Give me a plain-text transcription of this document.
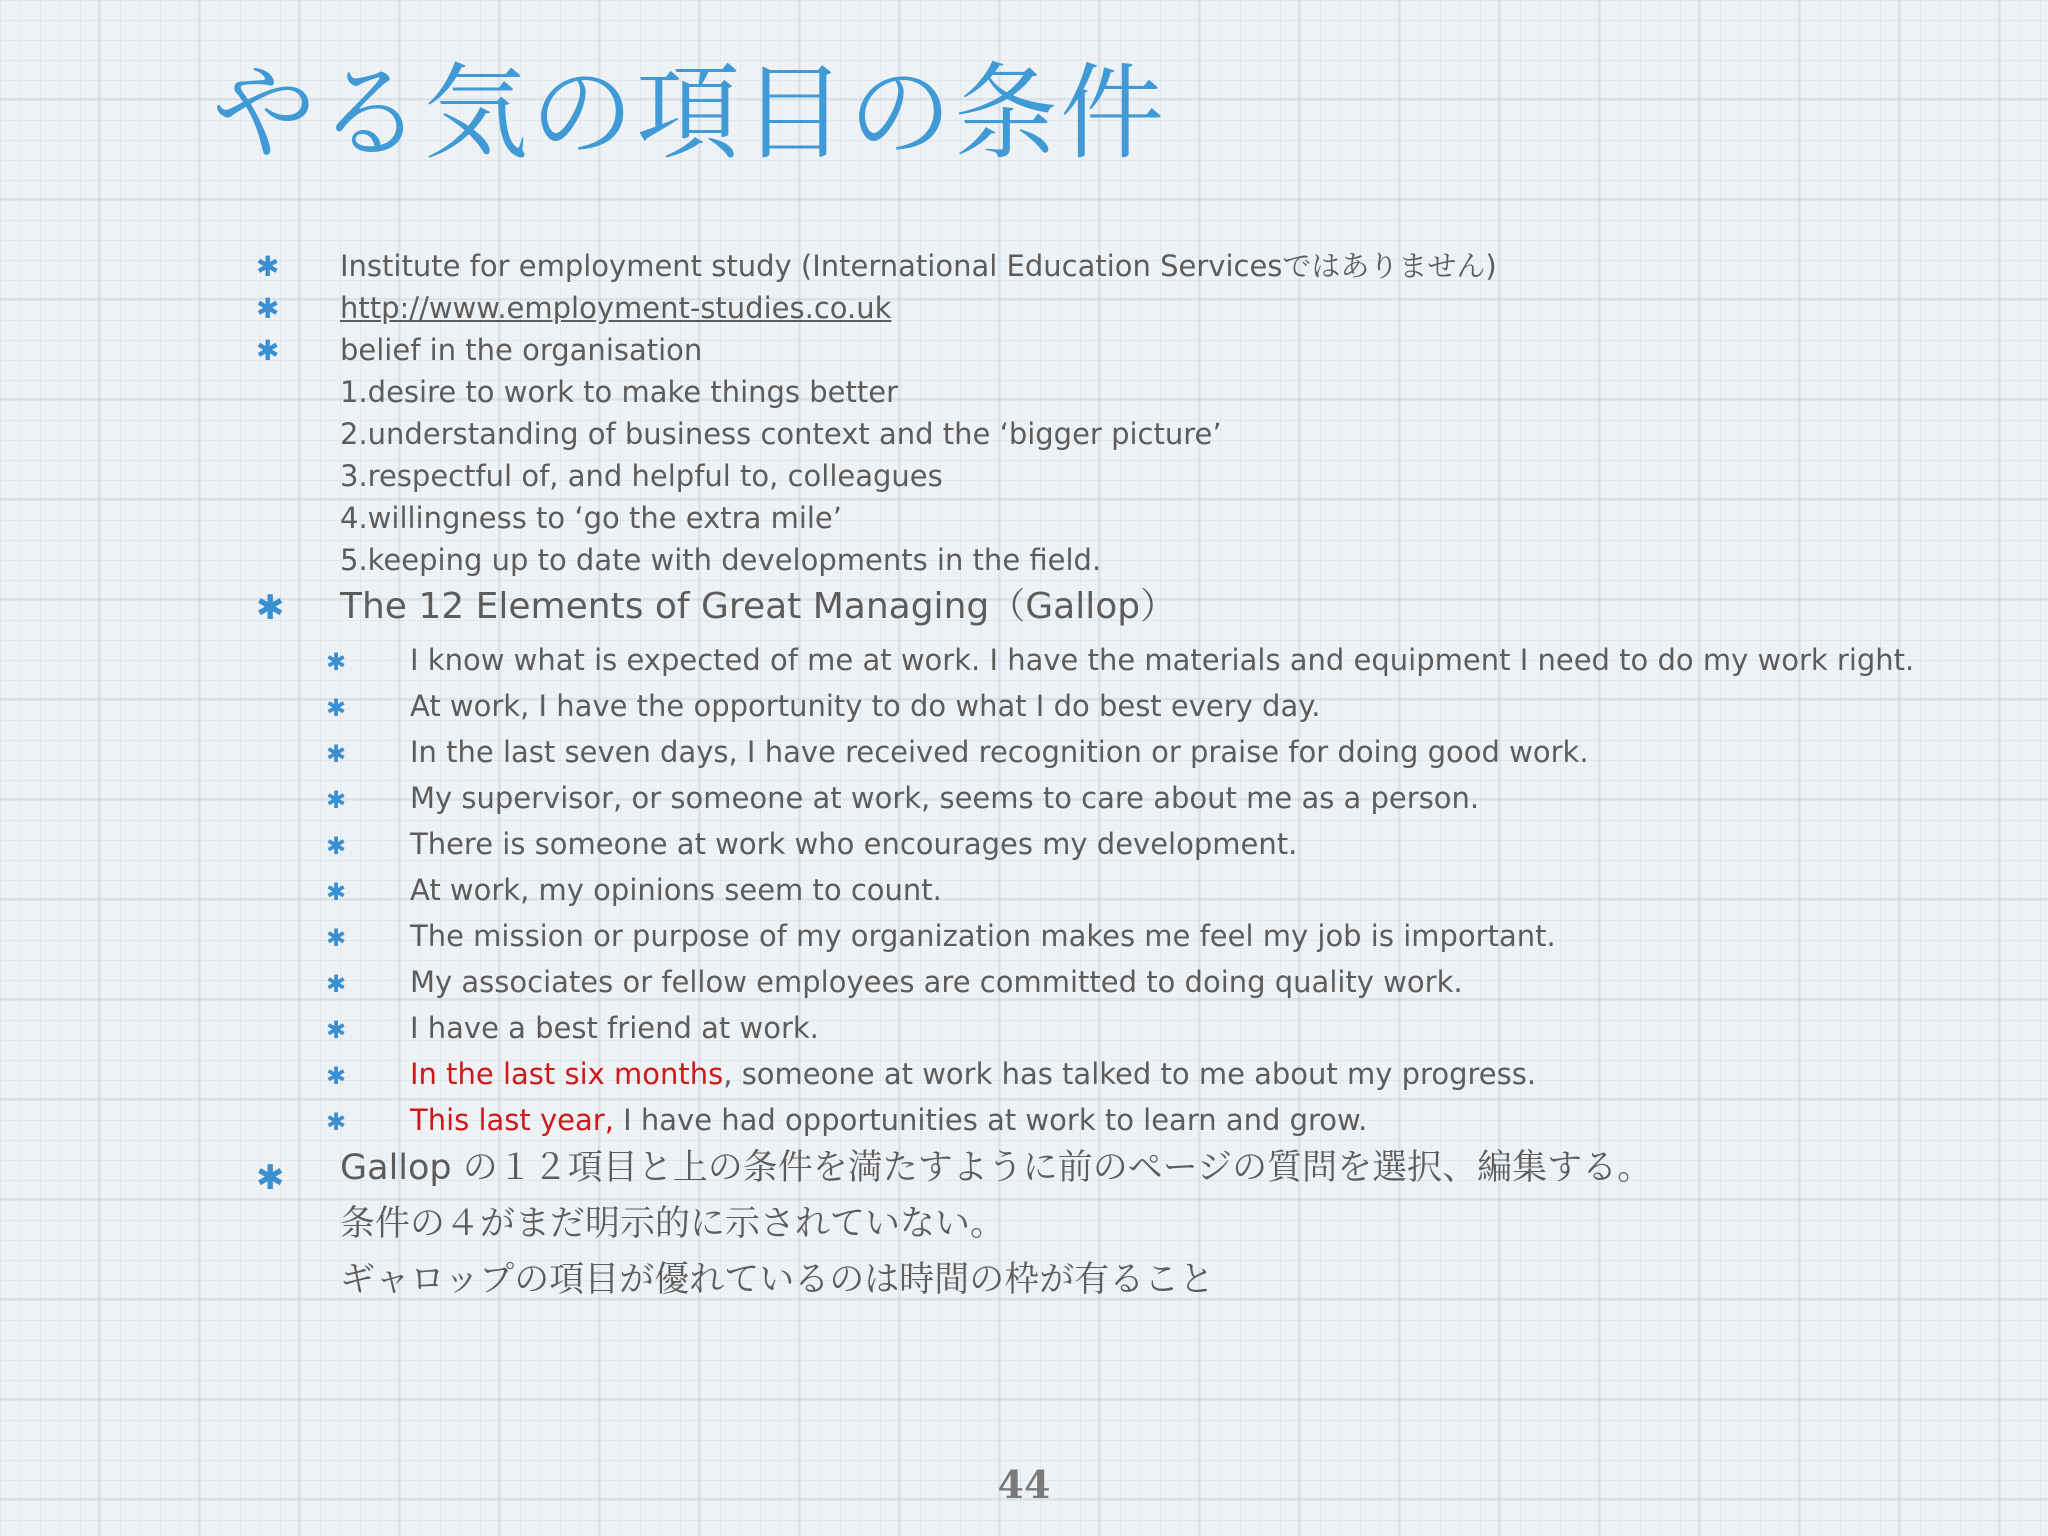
やる気の項目の条件
✱ Institute for employment study (International Education Servicesではありません)
✱ http://www.employment-studies.co.uk
✱ belief in the organisation
1.desire to work to make things better
2.understanding of business context and the ‘bigger picture’
3.respectful of, and helpful to, colleagues
4.willingness to ‘go the extra mile’
5.keeping up to date with developments in the field.
✱ The 12 Elements of Great Managing（Gallop）
✱ I know what is expected of me at work. I have the materials and equipment I need to do my work right.
✱ At work, I have the opportunity to do what I do best every day.
✱ In the last seven days, I have received recognition or praise for doing good work.
✱ My supervisor, or someone at work, seems to care about me as a person.
✱ There is someone at work who encourages my development.
✱ At work, my opinions seem to count.
✱ The mission or purpose of my organization makes me feel my job is important.
✱ My associates or fellow employees are committed to doing quality work.
✱ I have a best friend at work.
✱ In the last six months, someone at work has talked to me about my progress.
✱ This last year, I have had opportunities at work to learn and grow.
✱ Gallop の１２項目と上の条件を満たすように前のページの質問を選択、編集する。
条件の４がまだ明示的に示されていない。
ギャロップの項目が優れているのは時間の枠が有ること
44
